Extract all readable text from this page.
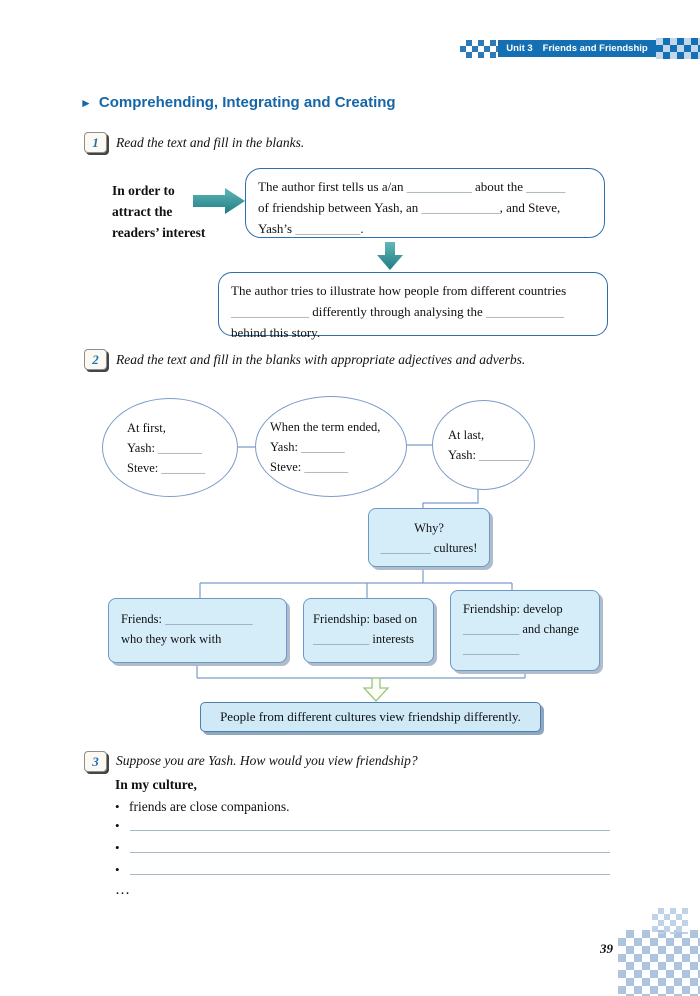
Unit 3 Friends and Friendship
► Comprehending, Integrating and Creating
1 Read the text and fill in the blanks.
In order to
attract the
readers’ interest
The author first tells us a/an __________ about the ______
of friendship between Yash, an ____________, and Steve,
Yash’s __________.
The author tries to illustrate how people from different countries
____________ differently through analysing the ____________
behind this story.
2 Read the text and fill in the blanks with appropriate adjectives and adverbs.
At first,
Yash: _______
Steve: _______
When the term ended,
Yash: _______
Steve: _______
At last,
Yash: ________
Why?
________ cultures!
Friends: ______________
who they work with
Friendship: based on
_________ interests
Friendship: develop
_________ and change
_________
People from different cultures view friendship differently.
3 Suppose you are Yash. How would you view friendship?
In my culture,
• friends are close companions.
•
•
•
…
39
